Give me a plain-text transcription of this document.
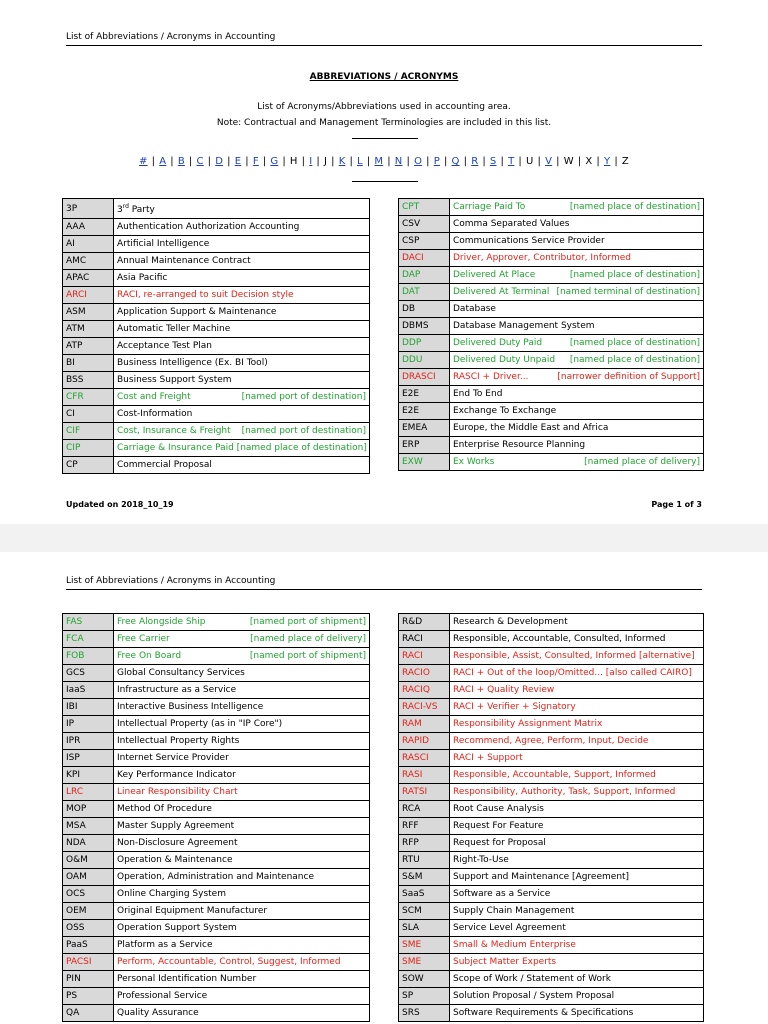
List of Abbreviations / Acronyms in Accounting
ABBREVIATIONS / ACRONYMS
List of Acronyms/Abbreviations used in accounting area.
Note: Contractual and Management Terminologies are included in this list.
# | A | B | C | D | E | F | G | H | I | J | K | L | M | N | O | P | Q | R | S | T | U | V | W | X | Y | Z
3P	3rd Party
AAA	Authentication Authorization Accounting
AI	Artificial Intelligence
AMC	Annual Maintenance Contract
APAC	Asia Pacific
ARCI	RACI, re-arranged to suit Decision style
ASM	Application Support & Maintenance
ATM	Automatic Teller Machine
ATP	Acceptance Test Plan
BI	Business Intelligence (Ex. BI Tool)
BSS	Business Support System
CFR	Cost and Freight [named port of destination]

CI	Cost-Information
CIF	Cost, Insurance & Freight [named port of destination]

CIP	Carriage & Insurance Paid [named place of destination]
CP	Commercial Proposal
CPT	Carriage Paid To [named place of destination]

CSV	Comma Separated Values
CSP	Communications Service Provider
DACI	Driver, Approver, Contributor, Informed
DAP	Delivered At Place [named place of destination]

DAT	Delivered At Terminal [named terminal of destination]

DB	Database
DBMS	Database Management System
DDP	Delivered Duty Paid [named place of destination]

DDU	Delivered Duty Unpaid [named place of destination]

DRASCI	RASCI + Driver... [narrower definition of Support]

E2E	End To End
E2E	Exchange To Exchange
EMEA	Europe, the Middle East and Africa
ERP	Enterprise Resource Planning
EXW	Ex Works [named place of delivery]
Updated on 2018_10_19	Page 1 of 3
List of Abbreviations / Acronyms in Accounting
FAS	Free Alongside Ship [named port of shipment]

FCA	Free Carrier [named place of delivery]

FOB	Free On Board [named port of shipment]

GCS	Global Consultancy Services
IaaS	Infrastructure as a Service
IBI	Interactive Business Intelligence
IP	Intellectual Property (as in "IP Core")
IPR	Intellectual Property Rights
ISP	Internet Service Provider
KPI	Key Performance Indicator
LRC	Linear Responsibility Chart
MOP	Method Of Procedure
MSA	Master Supply Agreement
NDA	Non-Disclosure Agreement
O&M	Operation & Maintenance
OAM	Operation, Administration and Maintenance
OCS	Online Charging System
OEM	Original Equipment Manufacturer
OSS	Operation Support System
PaaS	Platform as a Service
PACSI	Perform, Accountable, Control, Suggest, Informed
PIN	Personal Identification Number
PS	Professional Service
QA	Quality Assurance
R&D	Research & Development
RACI	Responsible, Accountable, Consulted, Informed
RACI	Responsible, Assist, Consulted, Informed [alternative]
RACIO	RACI + Out of the loop/Omitted... [also called CAIRO]
RACIQ	RACI + Quality Review
RACI-VS	RACI + Verifier + Signatory
RAM	Responsibility Assignment Matrix
RAPID	Recommend, Agree, Perform, Input, Decide
RASCI	RACI + Support
RASI	Responsible, Accountable, Support, Informed
RATSI	Responsibility, Authority, Task, Support, Informed
RCA	Root Cause Analysis
RFF	Request For Feature
RFP	Request for Proposal
RTU	Right-To-Use
S&M	Support and Maintenance [Agreement]
SaaS	Software as a Service
SCM	Supply Chain Management
SLA	Service Level Agreement
SME	Small & Medium Enterprise
SME	Subject Matter Experts
SOW	Scope of Work / Statement of Work
SP	Solution Proposal / System Proposal
SRS	Software Requirements & Specifications
